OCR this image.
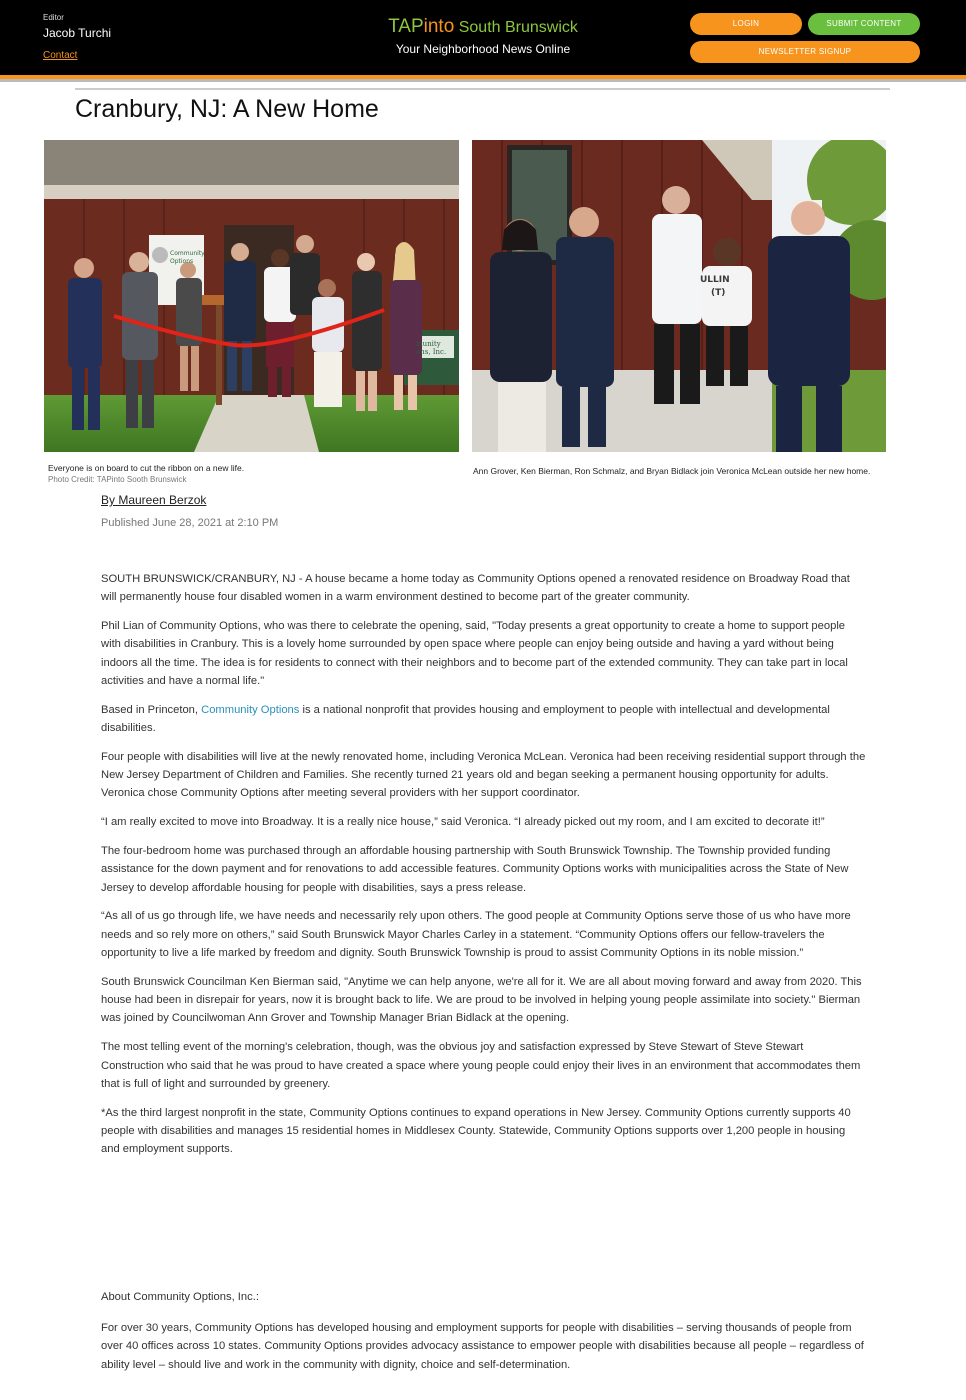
Editor
Jacob Turchi
Contact
TAPinto South Brunswick
Your Neighborhood News Online
LOGIN	SUBMIT CONTENT
NEWSLETTER SIGNUP
Cranbury, NJ: A New Home
Community
Options
munity
ons, Inc.
Everyone is on board to cut the ribbon on a new life.
Photo Credit: TAPinto Sooth Brunswick
ULLIN
(T)
Ann Grover, Ken Bierman, Ron Schmalz, and Bryan Bidlack join Veronica McLean outside her new home.
By Maureen Berzok
Published June 28, 2021 at 2:10 PM

SOUTH BRUNSWICK/CRANBURY, NJ - A house became a home today as Community Options opened a renovated residence on Broadway Road that will permanently house four disabled women in a warm environment destined to become part of the greater community.

Phil Lian of Community Options, who was there to celebrate the opening, said, "Today presents a great opportunity to create a home to support people with disabilities in Cranbury. This is a lovely home surrounded by open space where people can enjoy being outside and having a yard without being indoors all the time. The idea is for residents to connect with their neighbors and to become part of the extended community. They can take part in local activities and have a normal life."

Based in Princeton, Community Options is a national nonprofit that provides housing and employment to people with intellectual and developmental disabilities.

Four people with disabilities will live at the newly renovated home, including Veronica McLean. Veronica had been receiving residential support through the New Jersey Department of Children and Families. She recently turned 21 years old and began seeking a permanent housing opportunity for adults. Veronica chose Community Options after meeting several providers with her support coordinator.

“I am really excited to move into Broadway. It is a really nice house,” said Veronica. “I already picked out my room, and I am excited to decorate it!”

The four-bedroom home was purchased through an affordable housing partnership with South Brunswick Township. The Township provided funding assistance for the down payment and for renovations to add accessible features. Community Options works with municipalities across the State of New Jersey to develop affordable housing for people with disabilities, says a press release.

“As all of us go through life, we have needs and necessarily rely upon others. The good people at Community Options serve those of us who have more needs and so rely more on others,” said South Brunswick Mayor Charles Carley in a statement. “Community Options offers our fellow-travelers the opportunity to live a life marked by freedom and dignity. South Brunswick Township is proud to assist Community Options in its noble mission.”

South Brunswick Councilman Ken Bierman said, "Anytime we can help anyone, we're all for it. We are all about moving forward and away from 2020. This house had been in disrepair for years, now it is brought back to life. We are proud to be involved in helping young people assimilate into society." Bierman was joined by Councilwoman Ann Grover and Township Manager Brian Bidlack at the opening.

The most telling event of the morning's celebration, though, was the obvious joy and satisfaction expressed by Steve Stewart of Steve Stewart Construction who said that he was proud to have created a space where young people could enjoy their lives in an environment that accommodates them that is full of light and surrounded by greenery.

*As the third largest nonprofit in the state, Community Options continues to expand operations in New Jersey. Community Options currently supports 40 people with disabilities and manages 15 residential homes in Middlesex County. Statewide, Community Options supports over 1,200 people in housing and employment supports.

About Community Options, Inc.:

For over 30 years, Community Options has developed housing and employment supports for people with disabilities – serving thousands of people from over 40 offices across 10 states. Community Options provides advocacy assistance to empower people with disabilities because all people – regardless of ability level – should live and work in the community with dignity, choice and self-determination.
